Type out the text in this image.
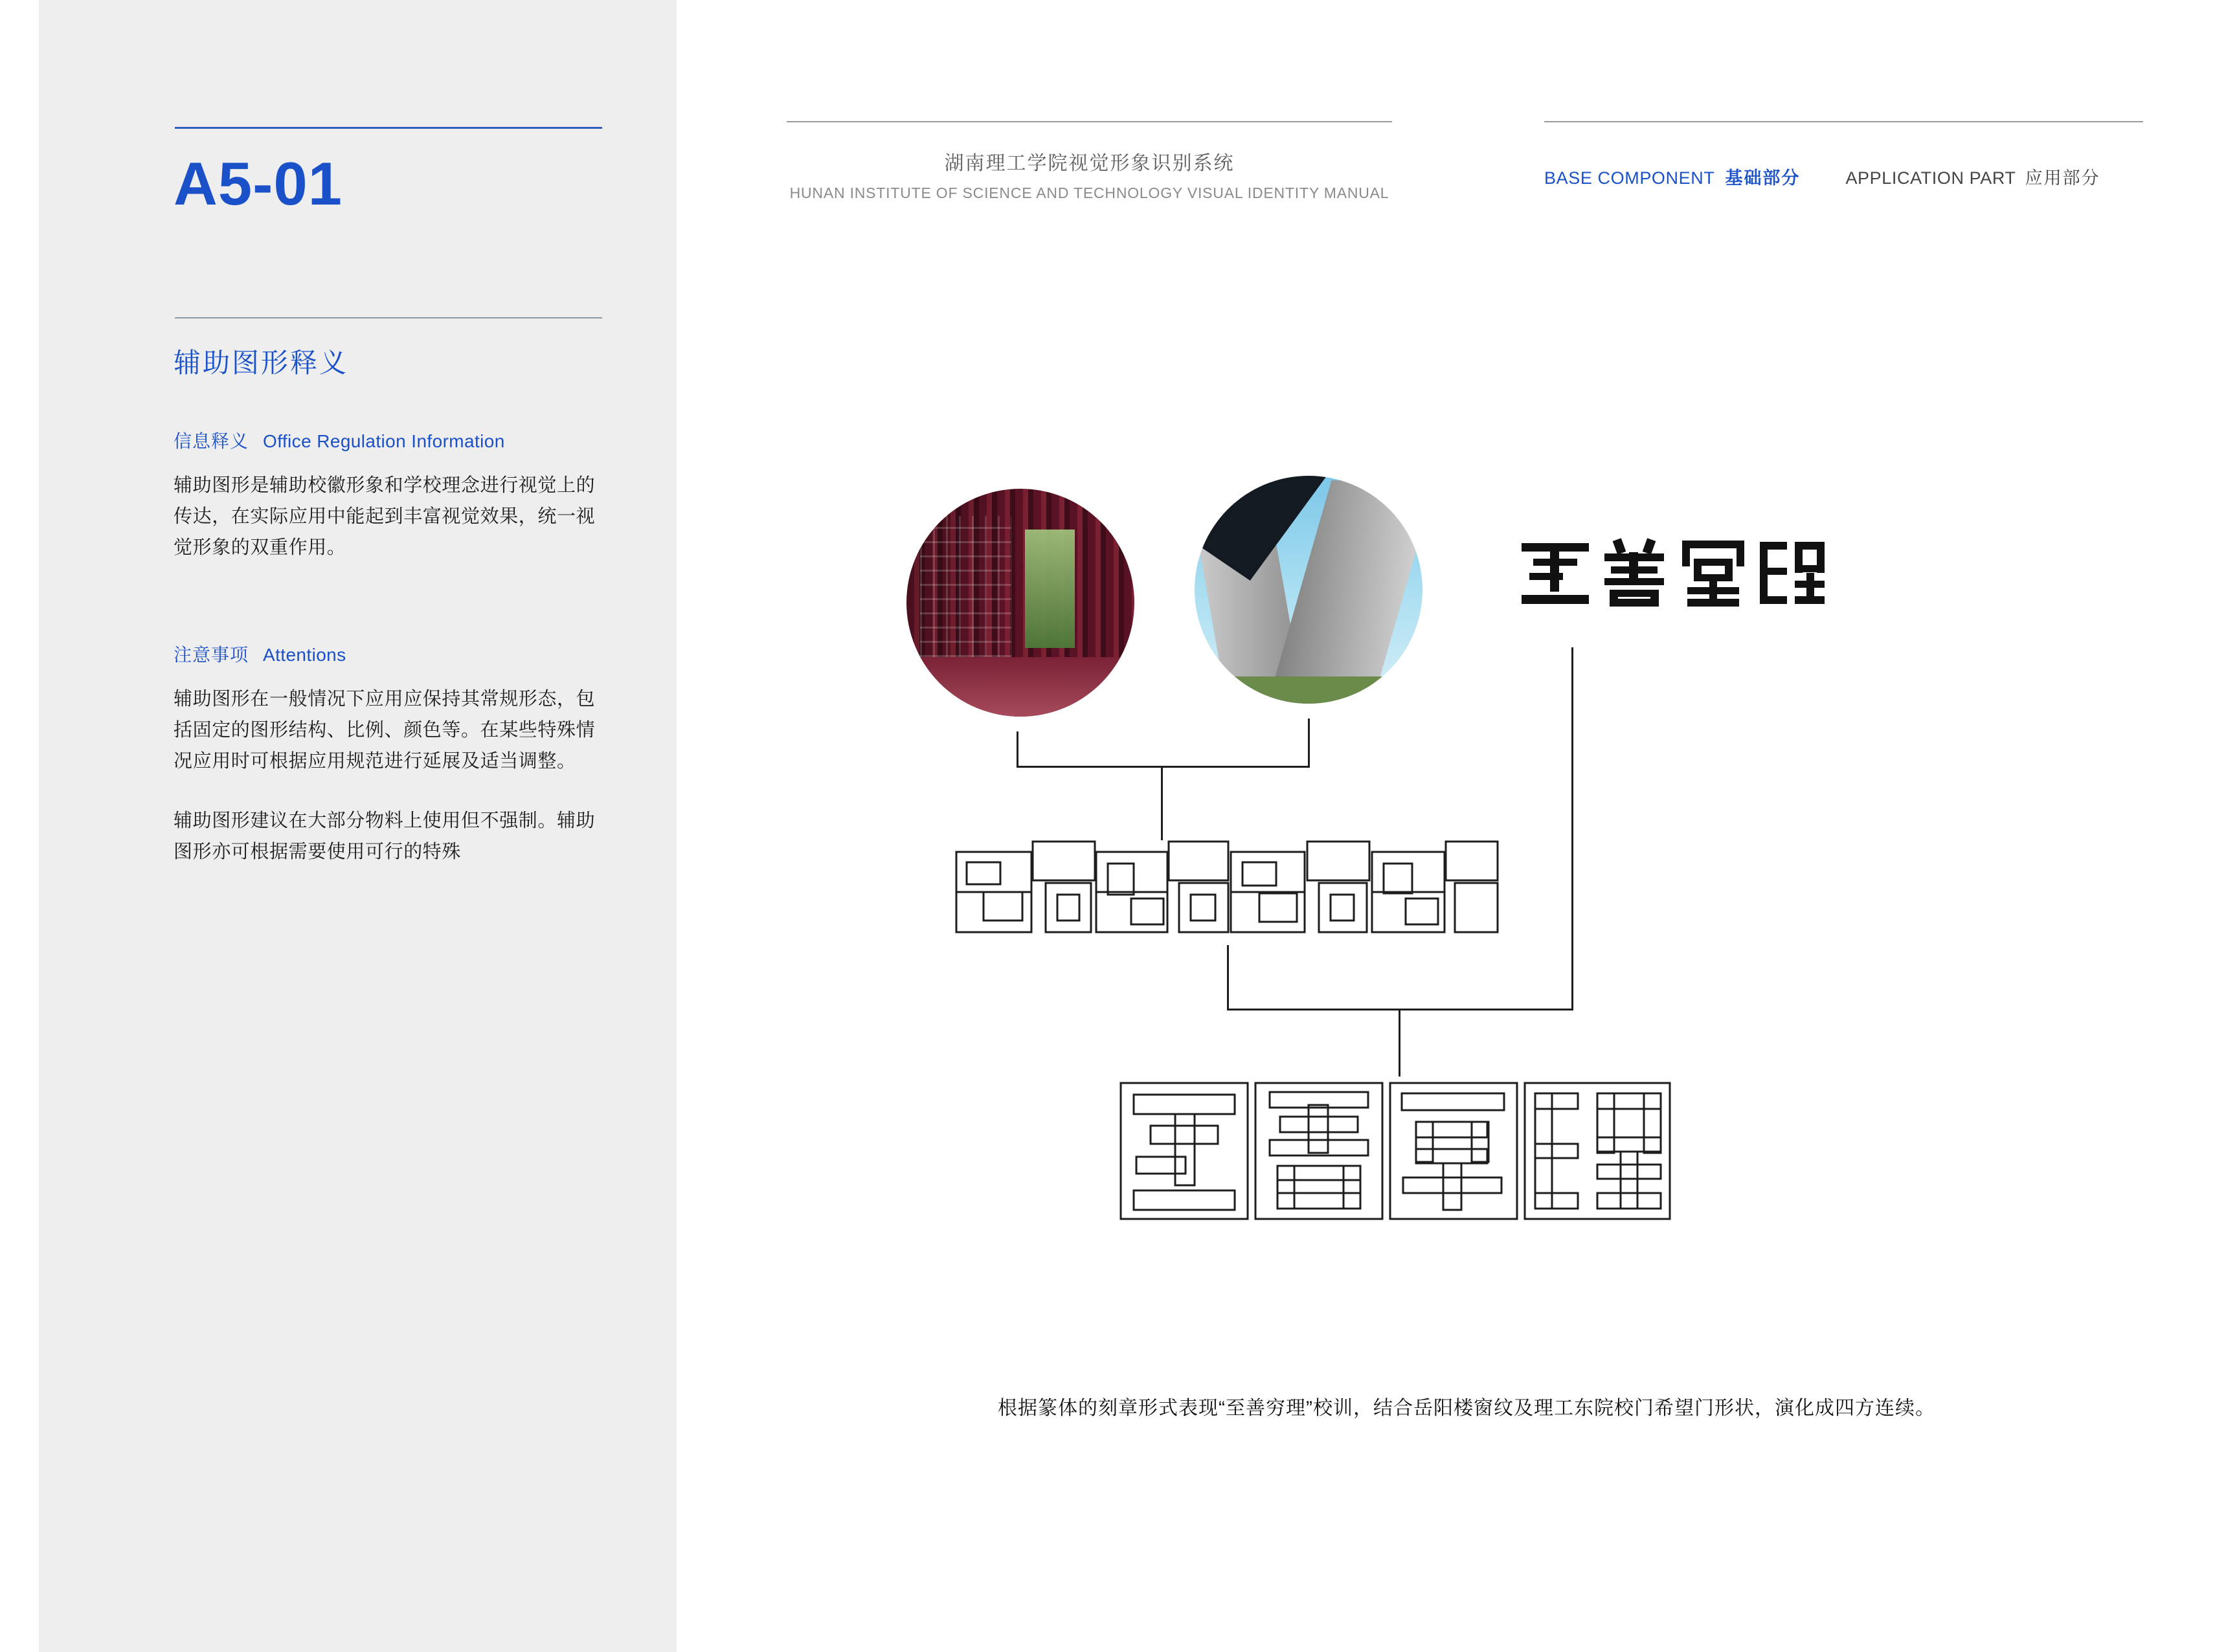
A5-01
辅助图形释义
信息释义 Office Regulation Information
辅助图形是辅助校徽形象和学校理念进行视觉上的传达，在实际应用中能起到丰富视觉效果，统一视觉形象的双重作用。
注意事项 Attentions
辅助图形在一般情况下应用应保持其常规形态，包括固定的图形结构、比例、颜色等。在某些特殊情况应用时可根据应用规范进行延展及适当调整。
辅助图形建议在大部分物料上使用但不强制。辅助图形亦可根据需要使用可行的特殊
湖南理工学院视觉形象识别系统
HUNAN INSTITUTE OF SCIENCE AND TECHNOLOGY VISUAL IDENTITY MANUAL
BASE COMPONENT 基础部分	APPLICATION PART 应用部分
根据篆体的刻章形式表现“至善穷理”校训，结合岳阳楼窗纹及理工东院校门希望门形状，演化成四方连续。
